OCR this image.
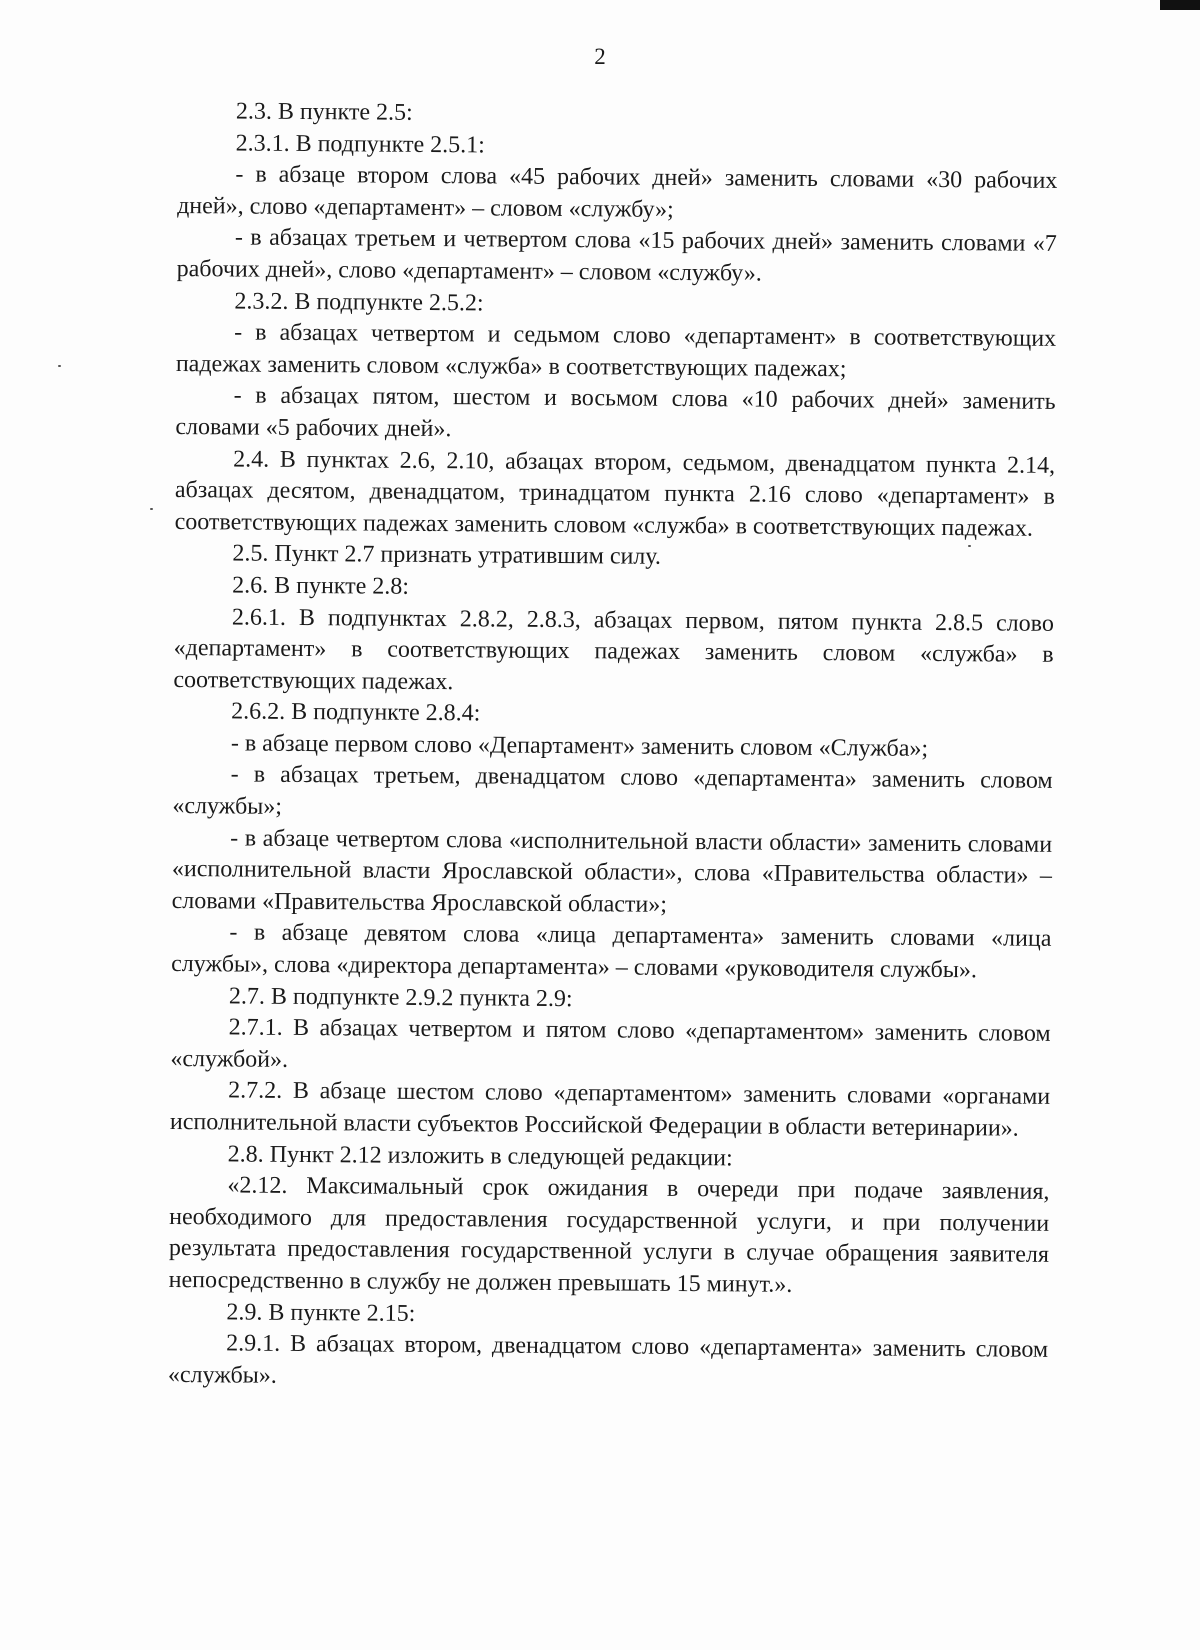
2

2.3. В пункте 2.5:

2.3.1. В подпункте 2.5.1:

- в абзаце втором слова «45 рабочих дней» заменить словами «30 рабочих дней», слово «департамент» – словом «службу»;

- в абзацах третьем и четвертом слова «15 рабочих дней» заменить словами «7 рабочих дней», слово «департамент» – словом «службу».

2.3.2. В подпункте 2.5.2:

- в абзацах четвертом и седьмом слово «департамент» в соответствующих падежах заменить словом «служба» в соответствующих падежах;

- в абзацах пятом, шестом и восьмом слова «10 рабочих дней» заменить словами «5 рабочих дней».

2.4. В пунктах 2.6, 2.10, абзацах втором, седьмом, двенадцатом пункта 2.14, абзацах десятом, двенадцатом, тринадцатом пункта 2.16 слово «департамент» в соответствующих падежах заменить словом «служба» в соответствующих падежах.

2.5. Пункт 2.7 признать утратившим силу.

2.6. В пункте 2.8:

2.6.1. В подпунктах 2.8.2, 2.8.3, абзацах первом, пятом пункта 2.8.5 слово «департамент» в соответствующих падежах заменить словом «служба» в соответствующих падежах.

2.6.2. В подпункте 2.8.4:

- в абзаце первом слово «Департамент» заменить словом «Служба»;

- в абзацах третьем, двенадцатом слово «департамента» заменить словом «службы»;

- в абзаце четвертом слова «исполнительной власти области» заменить словами «исполнительной власти Ярославской области», слова «Правительства области» – словами «Правительства Ярославской области»;

- в абзаце девятом слова «лица департамента» заменить словами «лица службы», слова «директора департамента» – словами «руководителя службы».

2.7. В подпункте 2.9.2 пункта 2.9:

2.7.1. В абзацах четвертом и пятом слово «департаментом» заменить словом «службой».

2.7.2. В абзаце шестом слово «департаментом» заменить словами «органами исполнительной власти субъектов Российской Федерации в области ветеринарии».

2.8. Пункт 2.12 изложить в следующей редакции:

«2.12. Максимальный срок ожидания в очереди при подаче заявления, необходимого для предоставления государственной услуги, и при получении результата предоставления государственной услуги в случае обращения заявителя непосредственно в службу не должен превышать 15 минут.».

2.9. В пункте 2.15:

2.9.1. В абзацах втором, двенадцатом слово «департамента» заменить словом «службы».
